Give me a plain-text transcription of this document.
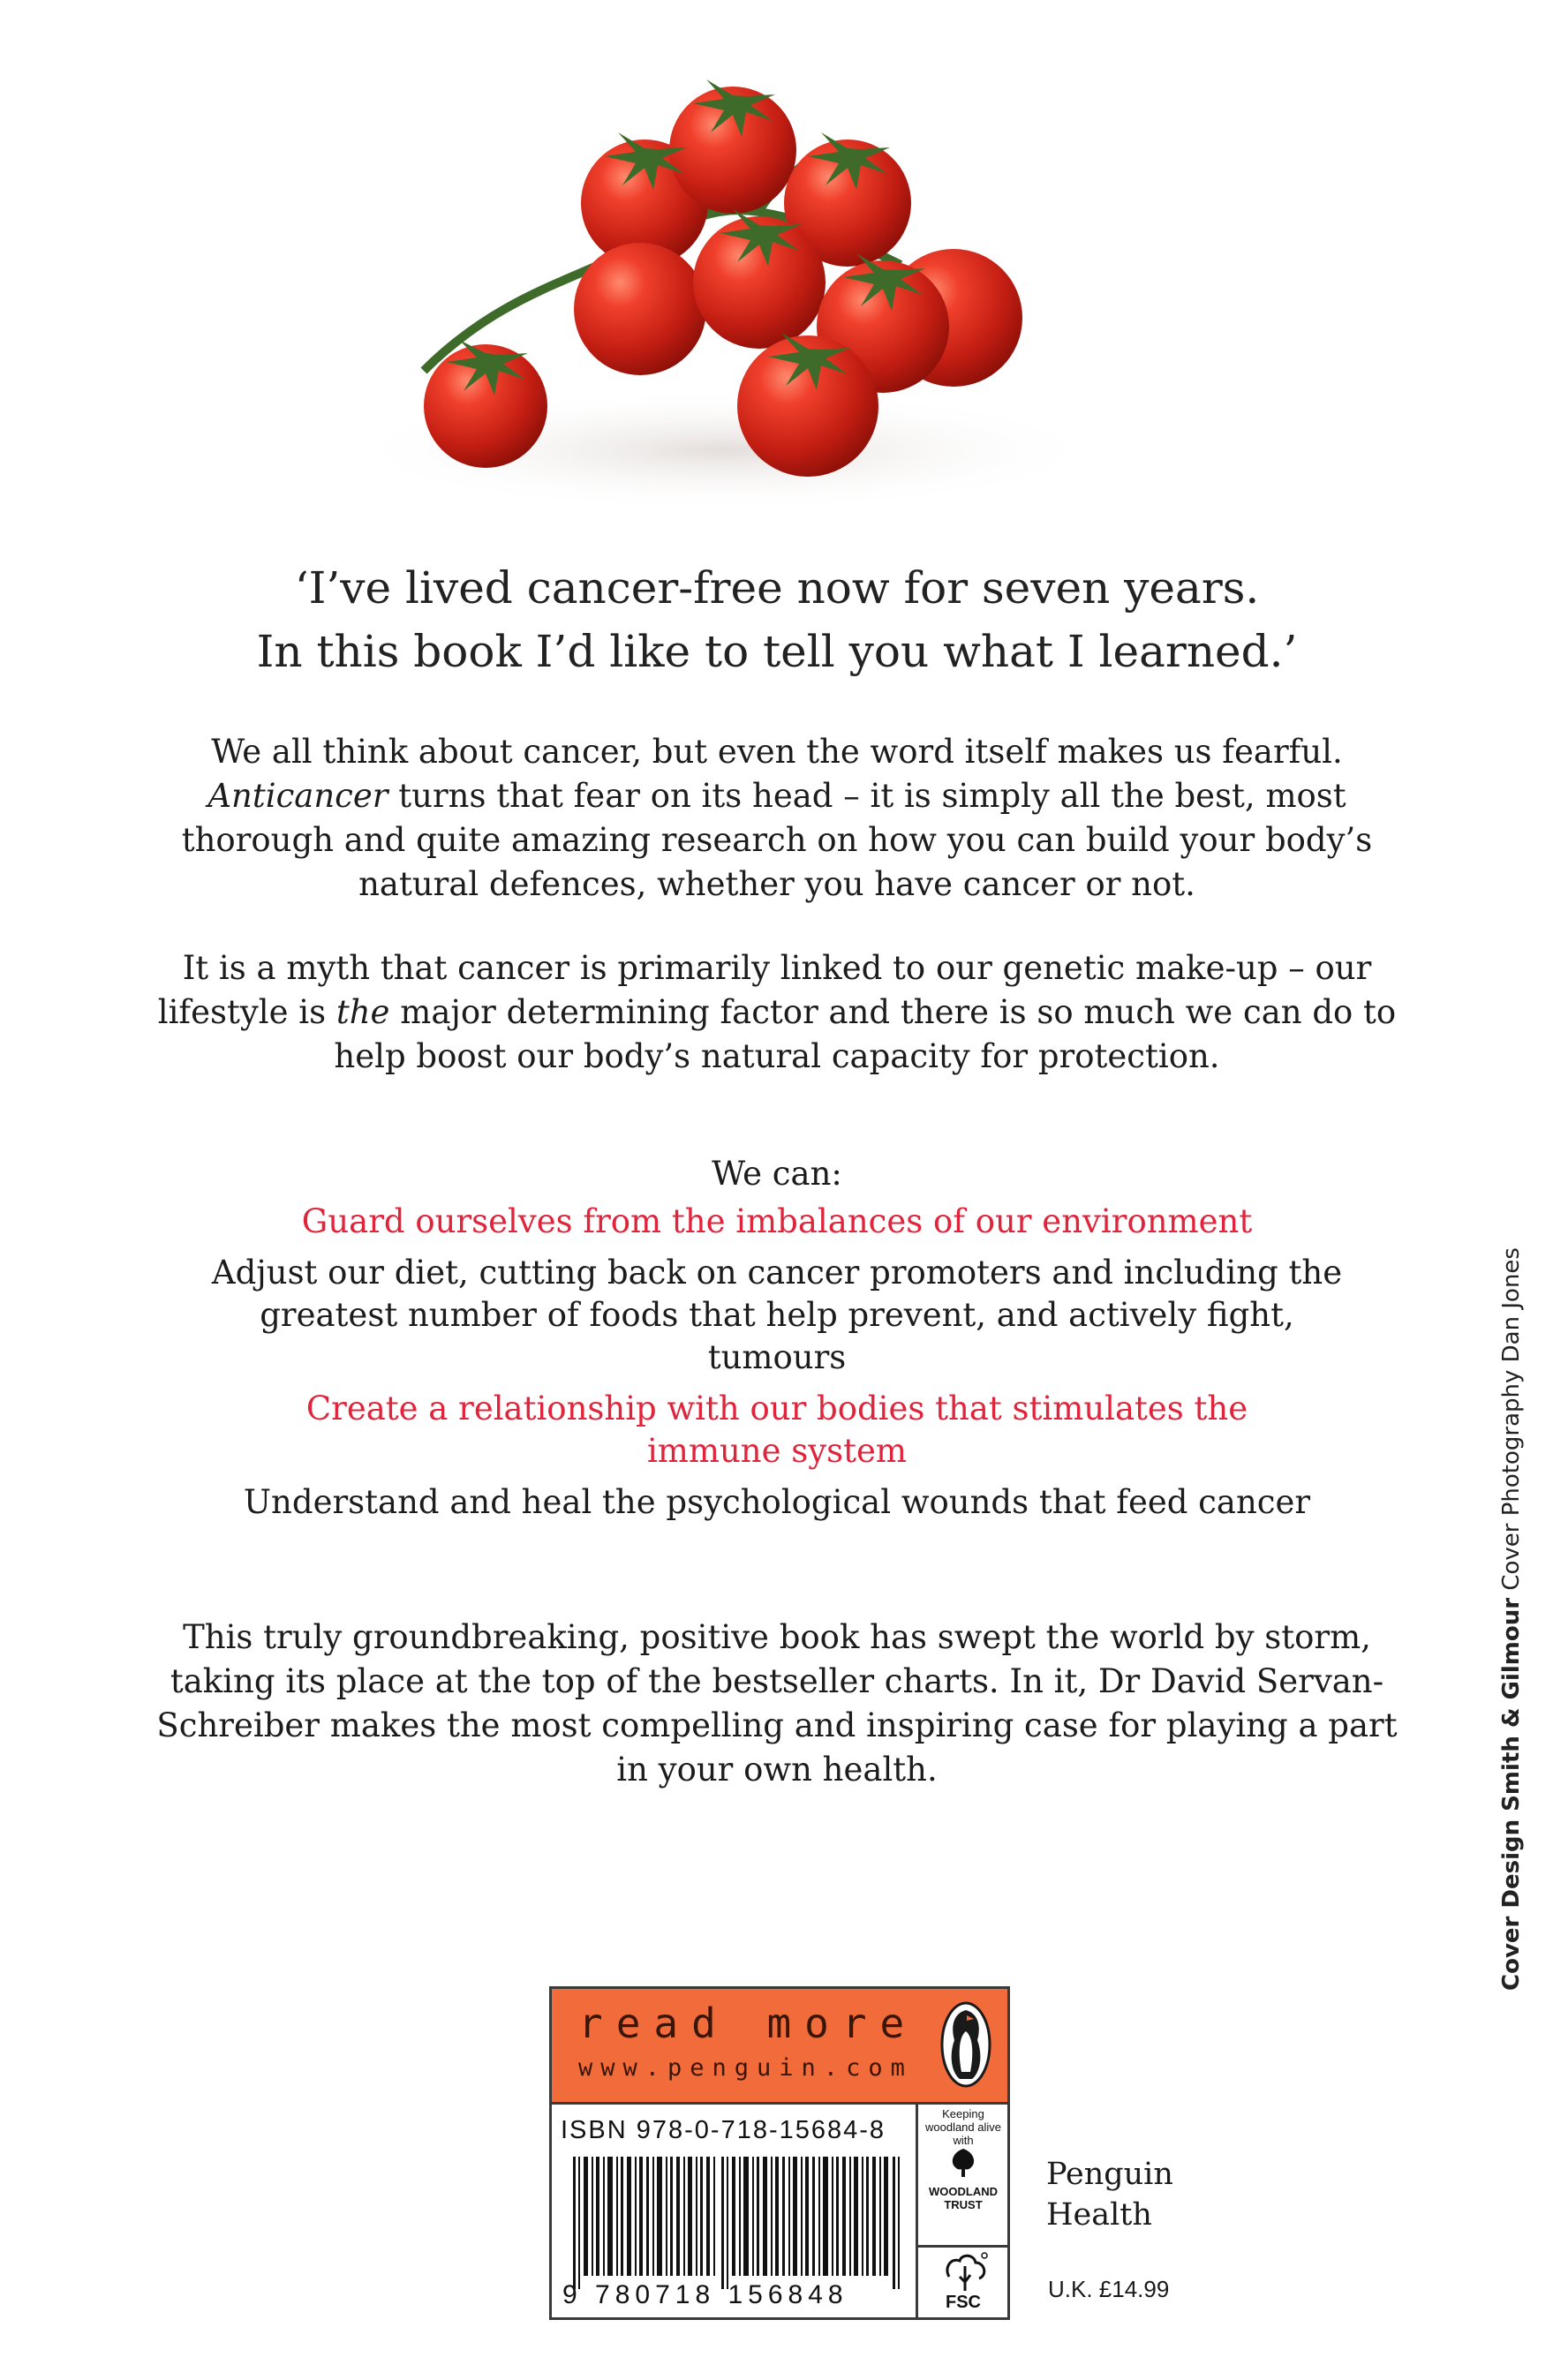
‘I’ve lived cancer-free now for seven years.
In this book I’d like to tell you what I learned.’
We all think about cancer, but even the word itself makes us fearful. Anticancer turns that fear on its head – it is simply all the best, most thorough and quite amazing research on how you can build your body’s natural defences, whether you have cancer or not.
It is a myth that cancer is primarily linked to our genetic make-up – our lifestyle is the major determining factor and there is so much we can do to help boost our body’s natural capacity for protection.
We can:
Guard ourselves from the imbalances of our environment
Adjust our diet, cutting back on cancer promoters and including the greatest number of foods that help prevent, and actively fight, tumours
Create a relationship with our bodies that stimulates the immune system
Understand and heal the psychological wounds that feed cancer
This truly groundbreaking, positive book has swept the world by storm, taking its place at the top of the bestseller charts. In it, Dr David Servan-Schreiber makes the most compelling and inspiring case for playing a part in your own health.	Cover Design Smith & Gilmour Cover Photography Dan Jones
read more
www.penguin.com
ISBN 978-0-718-15684-8
9 780718 156848
Keeping woodland alive with
WOODLAND TRUST
FSC
Penguin
Health
U.K. £14.99
